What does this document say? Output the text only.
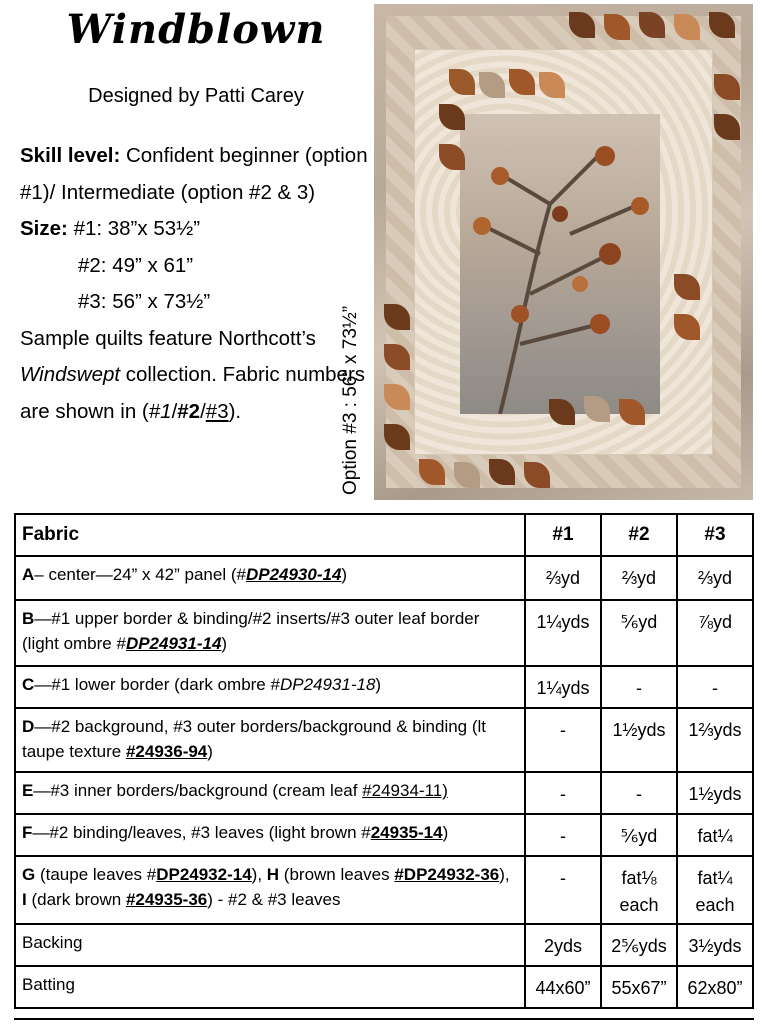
Windblown
Designed by Patti Carey

Skill level: Confident beginner (option #1)/ Intermediate (option #2 & 3)

Size: #1: 38”x 53½”

#2: 49” x 61”

#3: 56” x 73½”

Sample quilts feature Northcott’s Windswept collection. Fabric numbers are shown in (#1/#2/#3).	Option #3 : 56” x 73½”
Fabric	#1	#2	#3
A– center—24” x 42” panel (#DP24930-14)	⅔yd	⅔yd	⅔yd
B—#1 upper border & binding/#2 inserts/#3 outer leaf border (light ombre #DP24931-14)	1¼yds	⅚yd	⅞yd
C—#1 lower border (dark ombre #DP24931-18)	1¼yds	-	-
D—#2 background, #3 outer borders/background & binding (lt taupe texture #24936-94)	-	1½yds	1⅔yds
E—#3 inner borders/background (cream leaf #24934-11)	-	-	1½yds
F—#2 binding/leaves, #3 leaves (light brown #24935-14)	-	⅚yd	fat¼
G (taupe leaves #DP24932-14), H (brown leaves #DP24932-36), I (dark brown #24935-36) - #2 & #3 leaves	-	fat⅛ each	fat¼ each
Backing	2yds	2⅚yds	3½yds
Batting	44x60”	55x67”	62x80”
